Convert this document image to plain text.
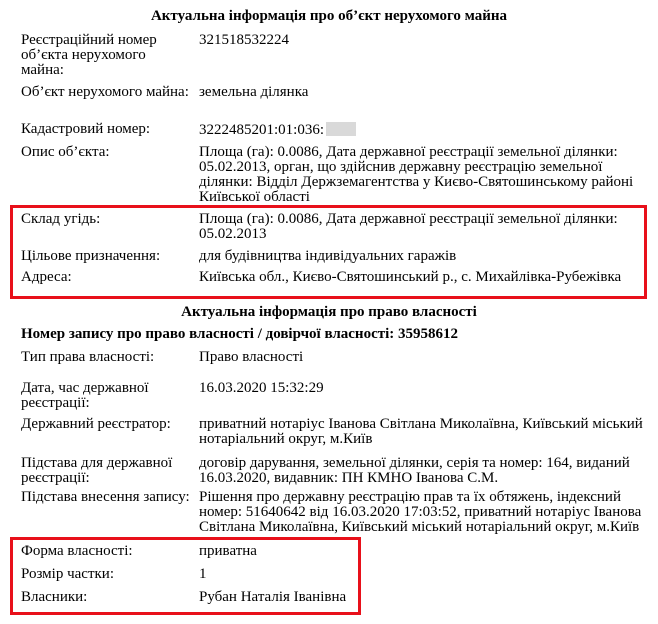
Актуальна інформація про об’єкт нерухомого майна
Реєстраційний номер об’єкта нерухомого майна:
321518532224
Об’єкт нерухомого майна: земельна ділянка
Кадастровий номер:	3222485201:01:036:
Опис об’єкта:	Площа (га): 0.0086, Дата державної реєстрації земельної ділянки: 05.02.2013, орган, що здійснив державну реєстрацію земельної ділянки: Відділ Держземагентства у Києво-Святошинському районі Київської області
Склад угідь:	Площа (га): 0.0086, Дата державної реєстрації земельної ділянки: 05.02.2013
Цільове призначення:	для будівництва індивідуальних гаражів
Адреса:	Київська обл., Києво-Святошинський р., с. Михайлівка-Рубежівка
Актуальна інформація про право власності
Номер запису про право власності / довірчої власності: 35958612
Тип права власності:	Право власності
Дата, час державної реєстрації:
16.03.2020 15:32:29
Державний реєстратор:	приватний нотаріус Іванова Світлана Миколаївна, Київський міський нотаріальний округ, м.Київ
Підстава для державної реєстрації:
договір дарування, земельної ділянки, серія та номер: 164, виданий 16.03.2020, видавник: ПН КМНО Іванова С.М.
Підстава внесення запису: Рішення про державну реєстрацію прав та їх обтяжень, індексний номер: 51640642 від 16.03.2020 17:03:52, приватний нотаріус Іванова Світлана Миколаївна, Київський міський нотаріальний округ, м.Київ
Форма власності:	приватна
Розмір частки:	1
Власники:	Рубан Наталія Іванівна
